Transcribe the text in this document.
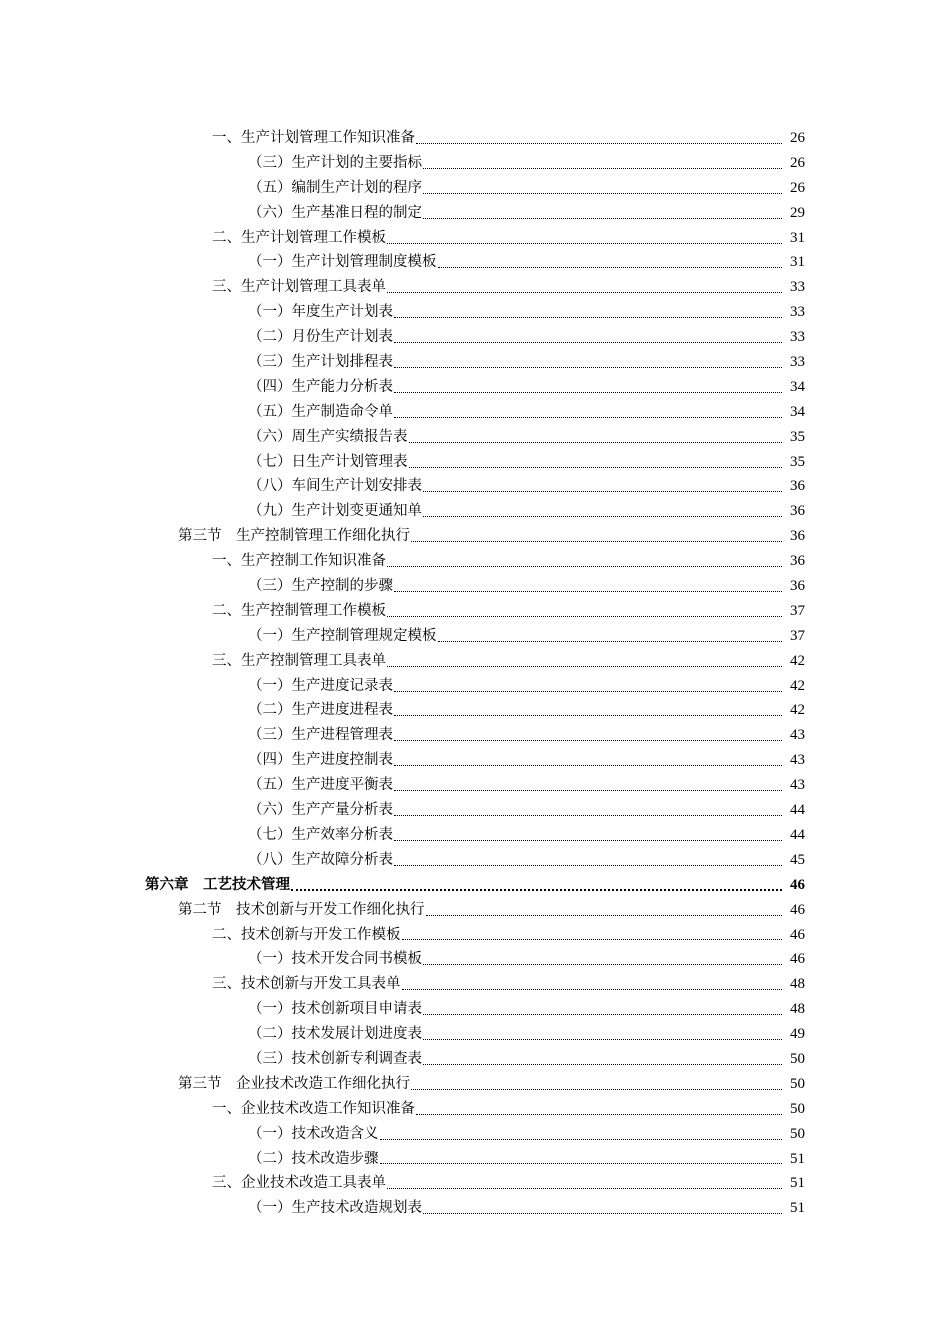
一、生产计划管理工作知识准备	26
（三）生产计划的主要指标	26
（五）编制生产计划的程序	26
（六）生产基准日程的制定	29
二、生产计划管理工作模板	31
（一）生产计划管理制度模板	31
三、生产计划管理工具表单	33
（一）年度生产计划表	33
（二）月份生产计划表	33
（三）生产计划排程表	33
（四）生产能力分析表	34
（五）生产制造命令单	34
（六）周生产实绩报告表	35
（七）日生产计划管理表	35
（八）车间生产计划安排表	36
（九）生产计划变更通知单	36
第三节　生产控制管理工作细化执行	36
一、生产控制工作知识准备	36
（三）生产控制的步骤	36
二、生产控制管理工作模板	37
（一）生产控制管理规定模板	37
三、生产控制管理工具表单	42
（一）生产进度记录表	42
（二）生产进度进程表	42
（三）生产进程管理表	43
（四）生产进度控制表	43
（五）生产进度平衡表	43
（六）生产产量分析表	44
（七）生产效率分析表	44
（八）生产故障分析表	45
第六章　工艺技术管理	46
第二节　技术创新与开发工作细化执行	46
二、技术创新与开发工作模板	46
（一）技术开发合同书模板	46
三、技术创新与开发工具表单	48
（一）技术创新项目申请表	48
（二）技术发展计划进度表	49
（三）技术创新专利调查表	50
第三节　企业技术改造工作细化执行	50
一、企业技术改造工作知识准备	50
（一）技术改造含义	50
（二）技术改造步骤	51
三、企业技术改造工具表单	51
（一）生产技术改造规划表	51
